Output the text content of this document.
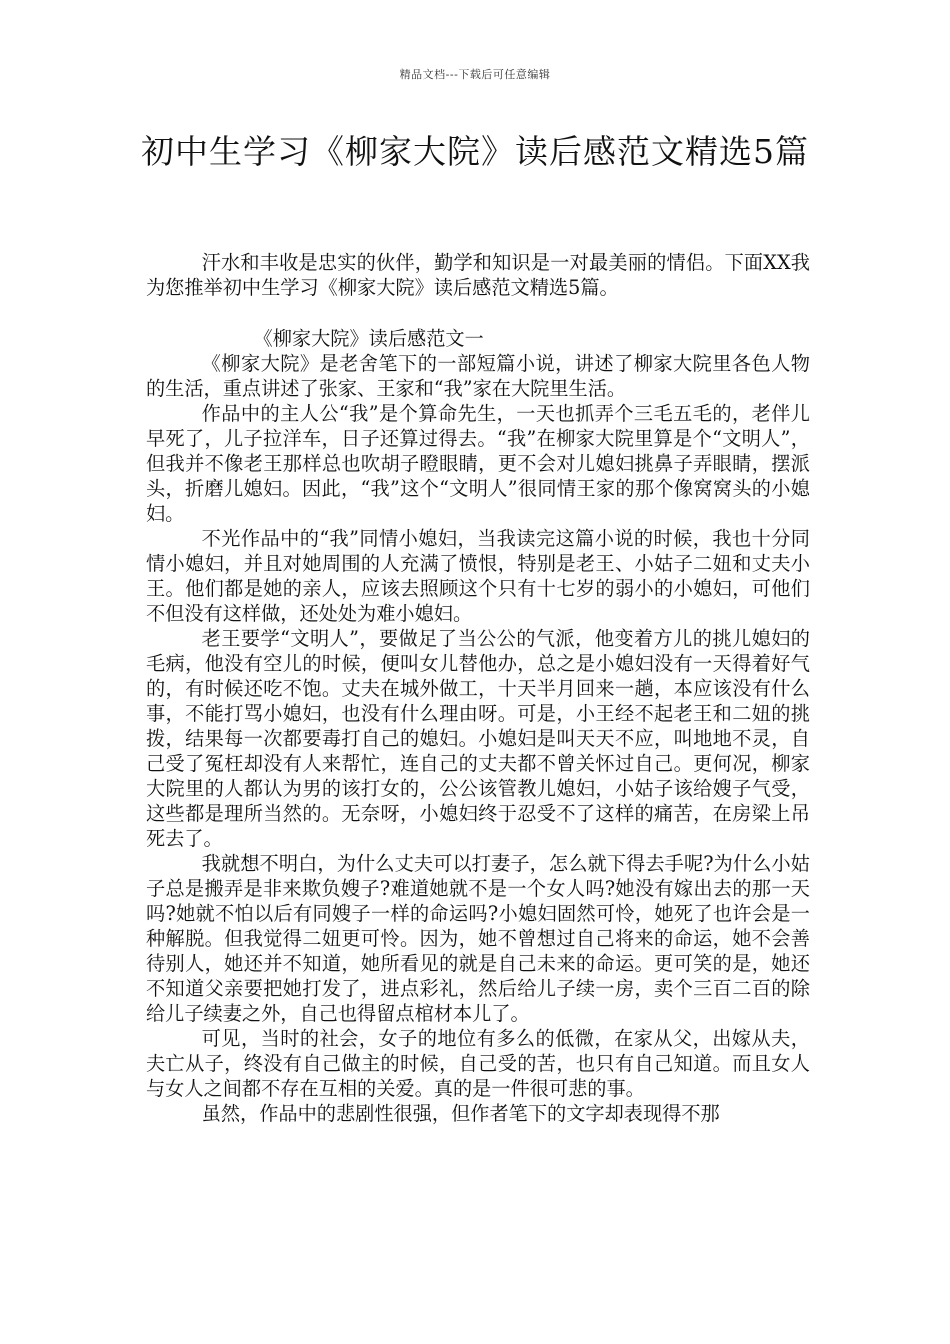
精品文档---下载后可任意编辑
初中生学习《柳家大院》读后感范文精选5篇

汗水和丰收是忠实的伙伴，勤学和知识是一对最美丽的情侣。下面XX我为您推举初中生学习《柳家大院》读后感范文精选5篇。

《柳家大院》读后感范文一

《柳家大院》是老舍笔下的一部短篇小说，讲述了柳家大院里各色人物的生活，重点讲述了张家、王家和“我”家在大院里生活。

作品中的主人公“我”是个算命先生，一天也抓弄个三毛五毛的，老伴儿早死了，儿子拉洋车，日子还算过得去。“我”在柳家大院里算是个“文明人”，但我并不像老王那样总也吹胡子瞪眼睛，更不会对儿媳妇挑鼻子弄眼睛，摆派头，折磨儿媳妇。因此，“我”这个“文明人”很同情王家的那个像窝窝头的小媳妇。

不光作品中的“我”同情小媳妇，当我读完这篇小说的时候，我也十分同情小媳妇，并且对她周围的人充满了愤恨，特别是老王、小姑子二妞和丈夫小王。他们都是她的亲人，应该去照顾这个只有十七岁的弱小的小媳妇，可他们不但没有这样做，还处处为难小媳妇。

老王要学“文明人”，要做足了当公公的气派，他变着方儿的挑儿媳妇的毛病，他没有空儿的时候，便叫女儿替他办，总之是小媳妇没有一天得着好气的，有时候还吃不饱。丈夫在城外做工，十天半月回来一趟，本应该没有什么事，不能打骂小媳妇，也没有什么理由呀。可是，小王经不起老王和二妞的挑拨，结果每一次都要毒打自己的媳妇。小媳妇是叫天天不应，叫地地不灵，自己受了冤枉却没有人来帮忙，连自己的丈夫都不曾关怀过自己。更何况，柳家大院里的人都认为男的该打女的，公公该管教儿媳妇，小姑子该给嫂子气受，这些都是理所当然的。无奈呀，小媳妇终于忍受不了这样的痛苦，在房梁上吊死去了。

我就想不明白，为什么丈夫可以打妻子，怎么就下得去手呢?为什么小姑子总是搬弄是非来欺负嫂子?难道她就不是一个女人吗?她没有嫁出去的那一天吗?她就不怕以后有同嫂子一样的命运吗?小媳妇固然可怜，她死了也许会是一种解脱。但我觉得二妞更可怜。因为，她不曾想过自己将来的命运，她不会善待别人，她还并不知道，她所看见的就是自己未来的命运。更可笑的是，她还不知道父亲要把她打发了，进点彩礼，然后给儿子续一房，卖个三百二百的除给儿子续妻之外，自己也得留点棺材本儿了。

可见，当时的社会，女子的地位有多么的低微，在家从父，出嫁从夫，夫亡从子，终没有自己做主的时候，自己受的苦，也只有自己知道。而且女人与女人之间都不存在互相的关爱。真的是一件很可悲的事。

虽然，作品中的悲剧性很强，但作者笔下的文字却表现得不那
